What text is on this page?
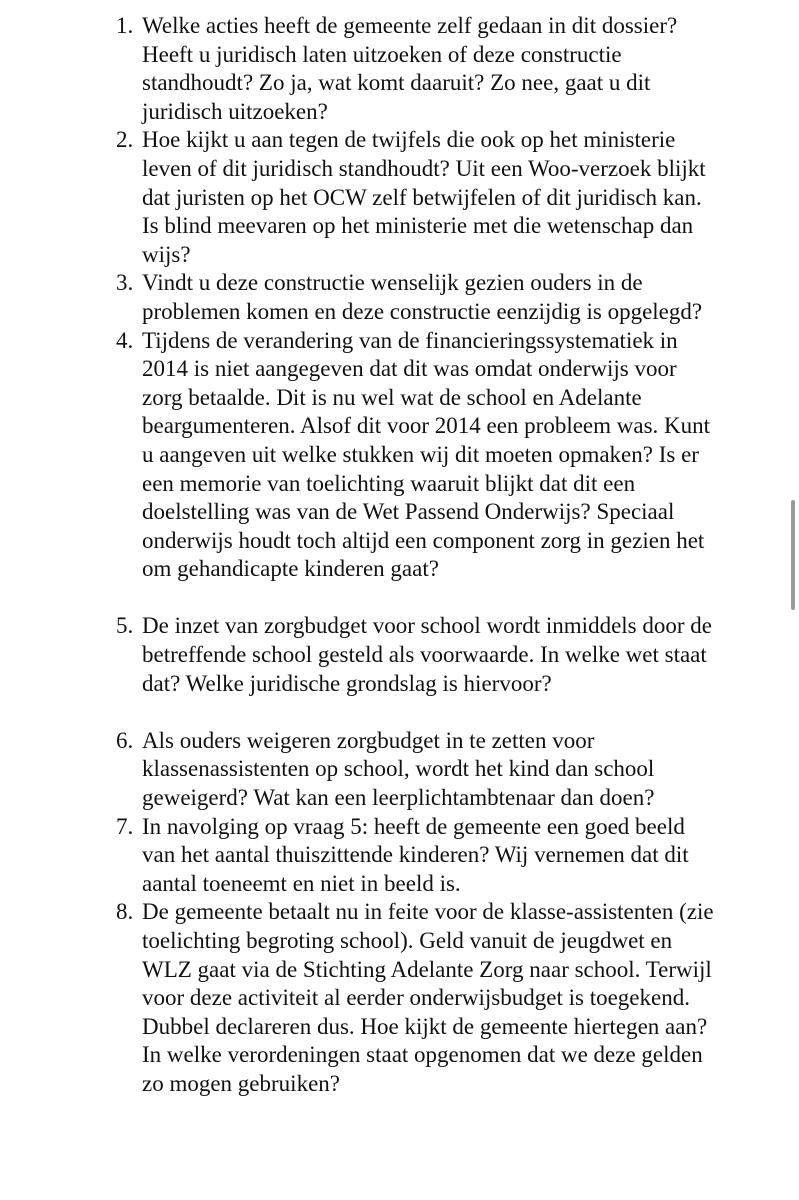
1. Welke acties heeft de gemeente zelf gedaan in dit dossier? Heeft u juridisch laten uitzoeken of deze constructie standhoudt? Zo ja, wat komt daaruit? Zo nee, gaat u dit juridisch uitzoeken?
2. Hoe kijkt u aan tegen de twijfels die ook op het ministerie leven of dit juridisch standhoudt? Uit een Woo-verzoek blijkt dat juristen op het OCW zelf betwijfelen of dit juridisch kan. Is blind meevaren op het ministerie met die wetenschap dan wijs?
3. Vindt u deze constructie wenselijk gezien ouders in de problemen komen en deze constructie eenzijdig is opgelegd?
4. Tijdens de verandering van de financieringssystematiek in 2014 is niet aangegeven dat dit was omdat onderwijs voor zorg betaalde. Dit is nu wel wat de school en Adelante beargumenteren. Alsof dit voor 2014 een probleem was. Kunt u aangeven uit welke stukken wij dit moeten opmaken? Is er een memorie van toelichting waaruit blijkt dat dit een doelstelling was van de Wet Passend Onderwijs? Speciaal onderwijs houdt toch altijd een component zorg in gezien het om gehandicapte kinderen gaat?
5. De inzet van zorgbudget voor school wordt inmiddels door de betreffende school gesteld als voorwaarde. In welke wet staat dat? Welke juridische grondslag is hiervoor?
6. Als ouders weigeren zorgbudget in te zetten voor klassenassistenten op school, wordt het kind dan school geweigerd? Wat kan een leerplichtambtenaar dan doen?
7. In navolging op vraag 5: heeft de gemeente een goed beeld van het aantal thuiszittende kinderen? Wij vernemen dat dit aantal toeneemt en niet in beeld is.
8. De gemeente betaalt nu in feite voor de klasse-assistenten (zie toelichting begroting school). Geld vanuit de jeugdwet en WLZ gaat via de Stichting Adelante Zorg naar school. Terwijl voor deze activiteit al eerder onderwijsbudget is toegekend. Dubbel declareren dus. Hoe kijkt de gemeente hiertegen aan? In welke verordeningen staat opgenomen dat we deze gelden zo mogen gebruiken?
